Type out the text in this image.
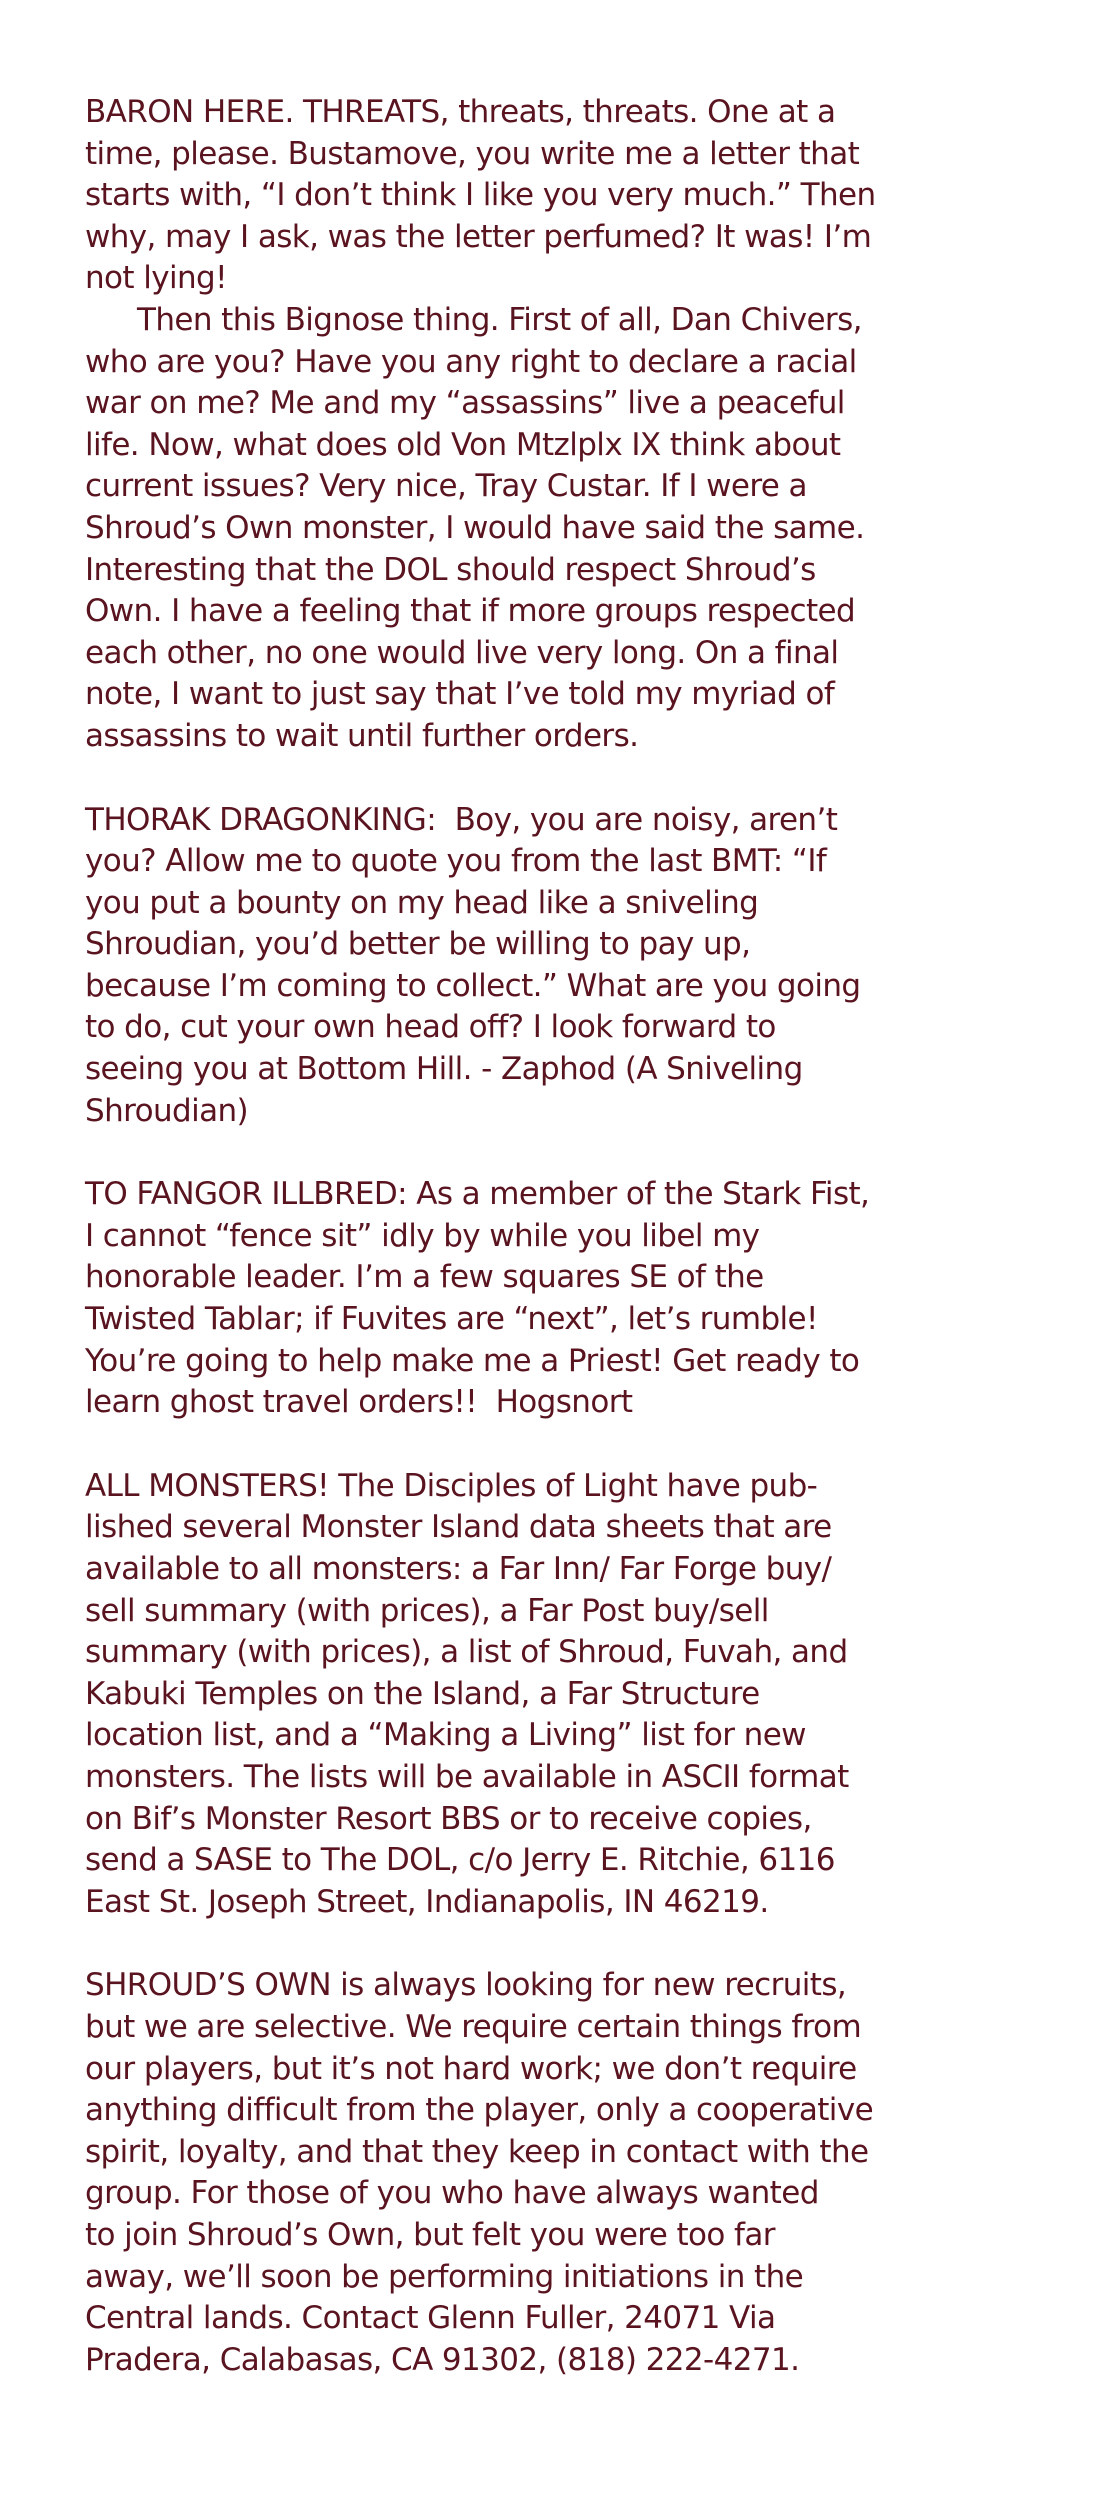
BARON HERE. THREATS, threats, threats. One at a
time, please. Bustamove, you write me a letter that
starts with, “I don’t think I like you very much.” Then
why, may I ask, was the letter perfumed? It was! I’m
not lying!

Then this Bignose thing. First of all, Dan Chivers,
who are you? Have you any right to declare a racial
war on me? Me and my “assassins” live a peaceful
life. Now, what does old Von Mtzlplx IX think about
current issues? Very nice, Tray Custar. If I were a
Shroud’s Own monster, I would have said the same.
Interesting that the DOL should respect Shroud’s
Own. I have a feeling that if more groups respected
each other, no one would live very long. On a final
note, I want to just say that I’ve told my myriad of
assassins to wait until further orders.

THORAK DRAGONKING:  Boy, you are noisy, aren’t
you? Allow me to quote you from the last BMT: “If
you put a bounty on my head like a sniveling
Shroudian, you’d better be willing to pay up,
because I’m coming to collect.” What are you going
to do, cut your own head off? I look forward to
seeing you at Bottom Hill. - Zaphod (A Sniveling
Shroudian)

TO FANGOR ILLBRED: As a member of the Stark Fist,
I cannot “fence sit” idly by while you libel my
honorable leader. I’m a few squares SE of the
Twisted Tablar; if Fuvites are “next”, let’s rumble!
You’re going to help make me a Priest! Get ready to
learn ghost travel orders!!  Hogsnort

ALL MONSTERS! The Disciples of Light have pub-
lished several Monster Island data sheets that are
available to all monsters: a Far Inn/ Far Forge buy/
sell summary (with prices), a Far Post buy/sell
summary (with prices), a list of Shroud, Fuvah, and
Kabuki Temples on the Island, a Far Structure
location list, and a “Making a Living” list for new
monsters. The lists will be available in ASCII format
on Bif’s Monster Resort BBS or to receive copies,
send a SASE to The DOL, c/o Jerry E. Ritchie, 6116
East St. Joseph Street, Indianapolis, IN 46219.

SHROUD’S OWN is always looking for new recruits,
but we are selective. We require certain things from
our players, but it’s not hard work; we don’t require
anything difficult from the player, only a cooperative
spirit, loyalty, and that they keep in contact with the
group. For those of you who have always wanted
to join Shroud’s Own, but felt you were too far
away, we’ll soon be performing initiations in the
Central lands. Contact Glenn Fuller, 24071 Via
Pradera, Calabasas, CA 91302, (818) 222-4271.
